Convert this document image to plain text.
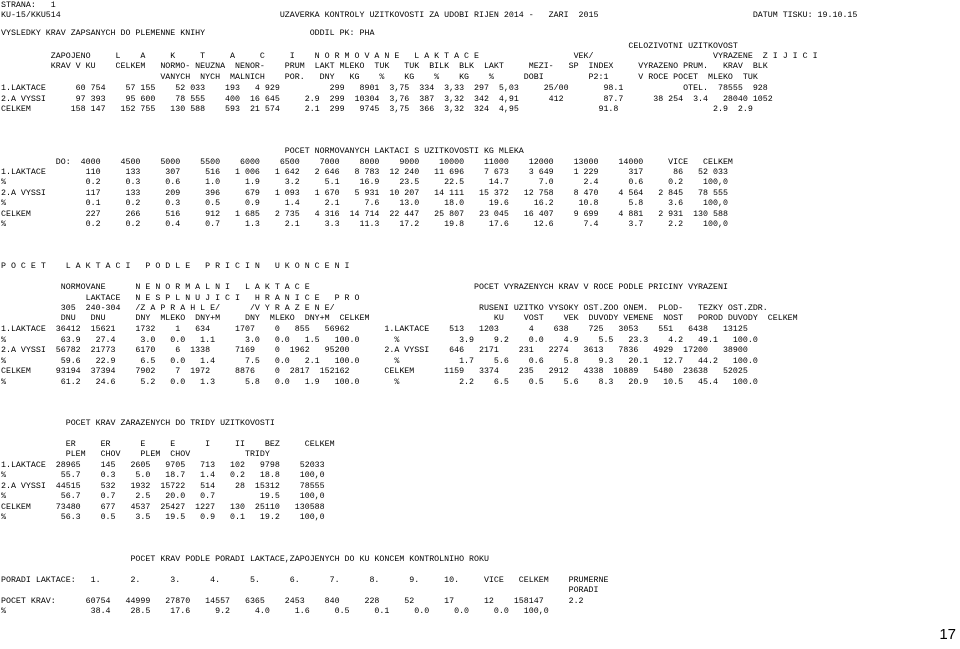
STRANA:   1
KU-15/KKU514                                            UZAVERKA KONTROLY UZITKOVOSTI ZA UDOBI RIJEN 2014 -   ZARI  2015                               DATUM TISKU: 19.10.15
VYSLEDKY KRAV ZAPSANYCH DO PLEMENNE KNIHY                     ODDIL PK: PHA
CELOZIVOTNI UZITKOVOST
ZAPOJENO     L    A     K     T     A     C     I    N O R M O V A N E   L A K T A C E                   VEK/                        VYRAZENE  Z I J I C I
KRAV V KU    CELKEM   NORMO- NEUZNA  NENOR-    PRUM  LAKT MLEKO  TUK   TUK  BILK  BLK  LAKT     MEZI-   SP  INDEX     VYRAZENO PRUM.   KRAV  BLK
VANYCH  NYCH  MALNICH    POR.   DNY   KG    %    KG    %    KG    %      DOBI         P2:1      V ROCE POCET  MLEKO  TUK
1.LAKTACE      60 754    57 155    52 033    193   4 929          299   8901  3,75  334  3,33  297  5,03     25/00       98.1            OTEL.  78555  928
2.A VYSSI      97 393    95 600    78 555    400  16 645     2.9  299  10304  3,76  387  3,32  342  4,91      412        87.7      38 254  3.4   28040 1052
CELKEM        158 147   152 755   130 588    593  21 574     2.1  299   9745  3,75  366  3,32  324  4,95                91.8                   2.9  2.9
POCET NORMOVANYCH LAKTACI S UZITKOVOSTI KG MLEKA
DO:  4000    4500    5000    5500    6000    6500    7000    8000    9000    10000    11000    12000    13000    14000     VICE   CELKEM
1.LAKTACE        110     133     307     516   1 006   1 642   2 646   8 783  12 240   11 696    7 673    3 649    1 229      317      86   52 033
%                0.2     0.3     0.6     1.0     1.9     3.2     5.1    16.9    23.5     22.5     14.7      7.0      2.4      0.6     0.2    100,0
2.A VYSSI        117     133     209     396     679   1 093   1 670   5 931  10 207   14 111   15 372   12 758    8 470    4 564   2 845   78 555
%                0.1     0.2     0.3     0.5     0.9     1.4     2.1     7.6    13.0     18.0     19.6     16.2     10.8      5.8     3.6    100,0
CELKEM           227     266     516     912   1 685   2 735   4 316  14 714  22 447   25 807   23 045   16 407    9 699    4 881   2 931  130 588
%                0.2     0.2     0.4     0.7     1.3     2.1     3.3    11.3    17.2     19.8     17.6     12.6      7.4      3.7     2.2    100,0
P O C E T    L A K T A C I   P O D L E   P R I C I N   U K O N C E N I
NORMOVANE      N E N O R M A L N I   L A K T A C E                                 POCET VYRAZENYCH KRAV V ROCE PODLE PRICINY VYRAZENI
LAKTACE   N E S P L N U J I C I   H R A N I C E   P R O
305  240-304   /Z A P R A H L E/      /V Y R A Z E N E/                             RUSENI UZITKO VYSOKY OST.ZOO ONEM.  PLOD-   TEZKY OST.ZDR.
DNU   DNU      DNY  MLEKO  DNY+M     DNY  MLEKO  DNY+M  CELKEM                         KU    VOST    VEK  DUVODY VEMENE  NOST   POROD DUVODY  CELKEM
1.LAKTACE  36412  15621    1732    1   634     1707    0   855   56962       1.LAKTACE    513   1203      4    638    725   3053    551   6438   13125
%           63.9   27.4     3.0   0.0   1.1      3.0   0.0   1.5   100.0       %            3.9    9.2    0.0    4.9    5.5   23.3    4.2   49.1   100.0
2.A VYSSI  56782  21773    6170    6  1338     7169    0  1962   95200       2.A VYSSI    646   2171    231   2274   3613   7836   4929  17200   38900
%           59.6   22.9     6.5   0.0   1.4      7.5   0.0   2.1   100.0       %            1.7    5.6    0.6    5.8    9.3   20.1   12.7   44.2   100.0
CELKEM     93194  37394    7902    7  1972     8876    0  2817  152162       CELKEM      1159   3374    235   2912   4338  10889   5480  23638   52025
%           61.2   24.6     5.2   0.0   1.3      5.8   0.0   1.9   100.0       %            2.2    6.5    0.5    5.6    8.3   20.9   10.5   45.4   100.0
POCET KRAV ZARAZENYCH DO TRIDY UZITKOVOSTI
ER     ER      E     E      I     II    BEZ     CELKEM
PLEM   CHOV    PLEM  CHOV           TRIDY
1.LAKTACE  28965    145   2605   9705   713   102   9798    52033
%           55.7    0.3    5.0   18.7   1.4   0.2   18.8    100,0
2.A VYSSI  44515    532   1932  15722   514    28  15312    78555
%           56.7    0.7    2.5   20.0   0.7         19.5    100,0
CELKEM     73480    677   4537  25427  1227   130  25110   130588
%           56.3    0.5    3.5   19.5   0.9   0.1   19.2    100,0
POCET KRAV PODLE PORADI LAKTACE,ZAPOJENYCH DO KU KONCEM KONTROLNIHO ROKU
PORADI LAKTACE:   1.      2.      3.      4.      5.      6.      7.      8.      9.     10.     VICE   CELKEM    PRUMERNE
PORADI
POCET KRAV:      60754   44999   27870   14557   6365    2453    840     228     52      17      12    158147     2.2
%                 38.4    28.5    17.6     9.2     4.0     1.6     0.5     0.1     0.0     0.0     0.0   100,0
17
